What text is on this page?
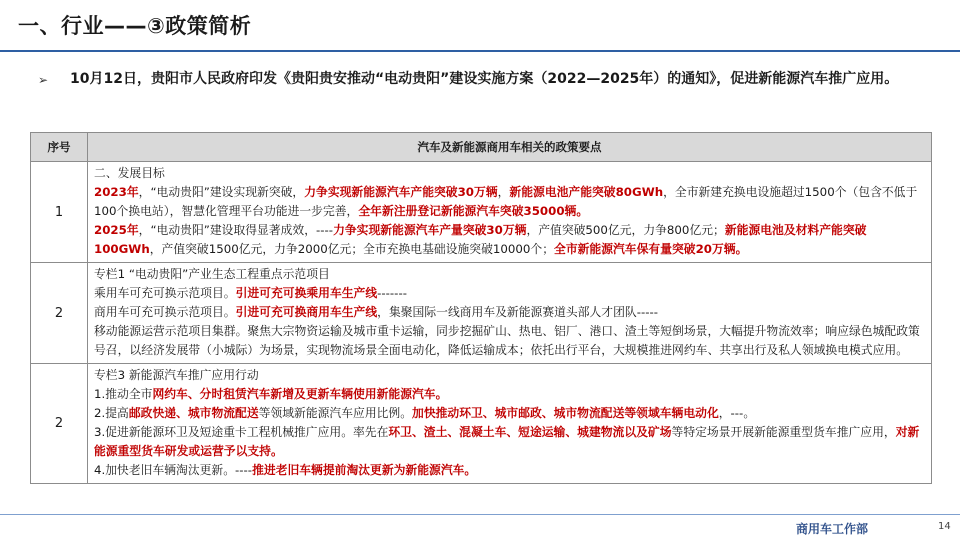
一、行业——③政策简析
➢ 10月12日，贵阳市人民政府印发《贵阳贵安推动“电动贵阳”建设实施方案（2022—2025年）的通知》，促进新能源汽车推广应用。
序号	汽车及新能源商用车相关的政策要点
1	二、发展目标
2023年，“电动贵阳”建设实现新突破，力争实现新能源汽车产能突破30万辆，新能源电池产能突破80GWh，全市新建充换电设施超过1500个（包含不低于100个换电站），智慧化管理平台功能进一步完善，全年新注册登记新能源汽车突破35000辆。
2025年，“电动贵阳”建设取得显著成效，----力争实现新能源汽车产量突破30万辆，产值突破500亿元，力争800亿元；新能源电池及材料产能突破100GWh，产值突破1500亿元，力争2000亿元；全市充换电基础设施突破10000个；全市新能源汽车保有量突破20万辆。

2	专栏1 “电动贵阳”产业生态工程重点示范项目
乘用车可充可换示范项目。引进可充可换乘用车生产线-------
商用车可充可换示范项目。引进可充可换商用车生产线，集聚国际一线商用车及新能源赛道头部人才团队-----
移动能源运营示范项目集群。聚焦大宗物资运输及城市重卡运输，同步挖掘矿山、热电、铝厂、港口、渣土等短倒场景，大幅提升物流效率；响应绿色城配政策号召，以经济发展带（小城际）为场景，实现物流场景全面电动化，降低运输成本；依托出行平台，大规模推进网约车、共享出行及私人领域换电模式应用。

2	专栏3 新能源汽车推广应用行动
1.推动全市网约车、分时租赁汽车新增及更新车辆使用新能源汽车。
2.提高邮政快递、城市物流配送等领域新能源汽车应用比例。加快推动环卫、城市邮政、城市物流配送等领域车辆电动化，---。
3.促进新能源环卫及短途重卡工程机械推广应用。率先在环卫、渣土、混凝土车、短途运输、城建物流以及矿场等特定场景开展新能源重型货车推广应用，对新能源重型货车研发或运营予以支持。
4.加快老旧车辆淘汰更新。----推进老旧车辆提前淘汰更新为新能源汽车。
商用车工作部	14
